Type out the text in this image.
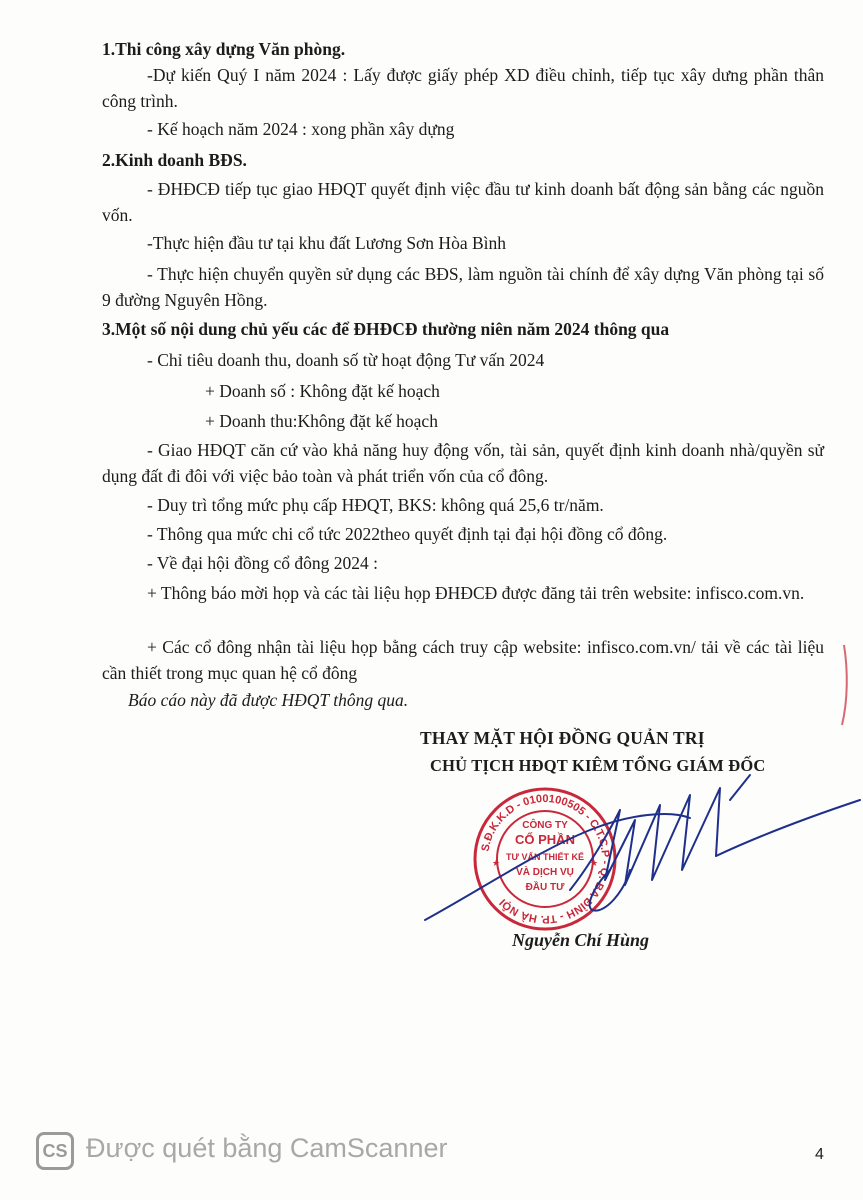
1.Thi công xây dựng Văn phòng.

-Dự kiến Quý I năm 2024 : Lấy được giấy phép XD điều chỉnh, tiếp tục xây dưng phần thân công trình.

- Kế hoạch năm 2024 : xong phần xây dựng

2.Kinh doanh BĐS.

- ĐHĐCĐ tiếp tục giao HĐQT quyết định việc đầu tư kinh doanh bất động sản bằng các nguồn vốn.

-Thực hiện đầu tư tại khu đất Lương Sơn Hòa Bình

- Thực hiện chuyển quyền sử dụng các BĐS, làm nguồn tài chính để xây dựng Văn phòng tại số 9 đường Nguyên Hồng.

3.Một số nội dung chủ yếu các để ĐHĐCĐ thường niên năm 2024 thông qua

- Chỉ tiêu doanh thu, doanh số từ hoạt động Tư vấn 2024

+ Doanh số : Không đặt kế hoạch

+ Doanh thu:Không đặt kế hoạch

- Giao HĐQT căn cứ vào khả năng huy động vốn, tài sản, quyết định kinh doanh nhà/quyền sử dụng đất đi đôi với việc bảo toàn và phát triển vốn của cổ đông.

- Duy trì tổng mức phụ cấp HĐQT, BKS: không quá 25,6 tr/năm.

- Thông qua mức chi cổ tức 2022theo quyết định tại đại hội đồng cổ đông.

- Về đại hội đồng cổ đông 2024 :

+ Thông báo mời họp và các tài liệu họp ĐHĐCĐ được đăng tải trên website: infisco.com.vn.

+ Các cổ đông nhận tài liệu họp bằng cách truy cập website: infisco.com.vn/ tải về các tài liệu cần thiết trong mục quan hệ cổ đông

Báo cáo này đã được HĐQT thông qua.

THAY MẶT HỘI ĐỒNG QUẢN TRỊ
CHỦ TỊCH HĐQT KIÊM TỔNG GIÁM ĐỐC
S.Đ.K.K.D - 0100100505 - C.T.C.P - Q. BA ĐÌNH - TP. HÀ NỘI
CÔNG TY
CỔ PHẦN
TƯ VẤN THIẾT KẾ
VÀ DỊCH VỤ
ĐẦU TƯ
★	★
Nguyễn Chí Hùng
CS Được quét bằng CamScanner	4
